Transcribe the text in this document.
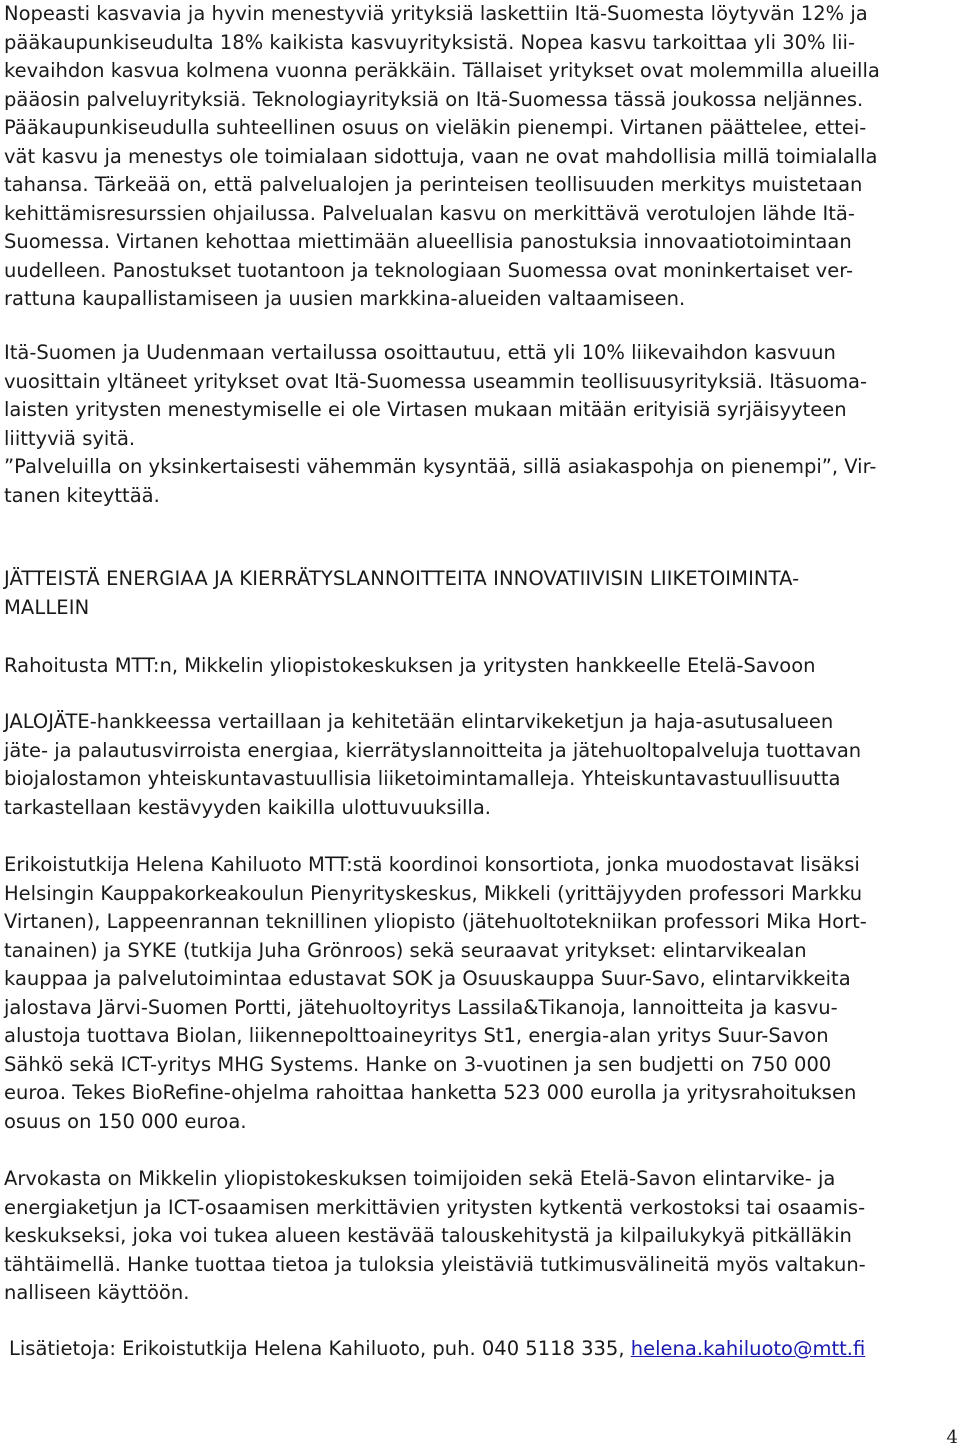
Nopeasti kasvavia ja hyvin menestyviä yrityksiä laskettiin Itä-Suomesta löytyvän 12% ja
pääkaupunkiseudulta 18% kaikista kasvuyrityksistä. Nopea kasvu tarkoittaa yli 30% lii-
kevaihdon kasvua kolmena vuonna peräkkäin. Tällaiset yritykset ovat molemmilla alueilla
pääosin palveluyrityksiä. Teknologiayrityksiä on Itä-Suomessa tässä joukossa neljännes.
Pääkaupunkiseudulla suhteellinen osuus on vieläkin pienempi. Virtanen päättelee, ettei-
vät kasvu ja menestys ole toimialaan sidottuja, vaan ne ovat mahdollisia millä toimialalla
tahansa. Tärkeää on, että palvelualojen ja perinteisen teollisuuden merkitys muistetaan
kehittämisresurssien ohjailussa. Palvelualan kasvu on merkittävä verotulojen lähde Itä-
Suomessa. Virtanen kehottaa miettimään alueellisia panostuksia innovaatiotoimintaan
uudelleen. Panostukset tuotantoon ja teknologiaan Suomessa ovat moninkertaiset ver-
rattuna kaupallistamiseen ja uusien markkina-alueiden valtaamiseen.

Itä-Suomen ja Uudenmaan vertailussa osoittautuu, että yli 10% liikevaihdon kasvuun
vuosittain yltäneet yritykset ovat Itä-Suomessa useammin teollisuusyrityksiä. Itäsuoma-
laisten yritysten menestymiselle ei ole Virtasen mukaan mitään erityisiä syrjäisyyteen
liittyviä syitä.
”Palveluilla on yksinkertaisesti vähemmän kysyntää, sillä asiakaspohja on pienempi”, Vir-
tanen kiteyttää.

JÄTTEISTÄ ENERGIAA JA KIERRÄTYSLANNOITTEITA INNOVATIIVISIN LIIKETOIMINTA-
MALLEIN

Rahoitusta MTT:n, Mikkelin yliopistokeskuksen ja yritysten hankkeelle Etelä-Savoon

JALOJÄTE-hankkeessa vertaillaan ja kehitetään elintarvikeketjun ja haja-asutusalueen
jäte- ja palautusvirroista energiaa, kierrätyslannoitteita ja jätehuoltopalveluja tuottavan
biojalostamon yhteiskuntavastuullisia liiketoimintamalleja. Yhteiskuntavastuullisuutta
tarkastellaan kestävyyden kaikilla ulottuvuuksilla.

Erikoistutkija Helena Kahiluoto MTT:stä koordinoi konsortiota, jonka muodostavat lisäksi
Helsingin Kauppakorkeakoulun Pienyrityskeskus, Mikkeli (yrittäjyyden professori Markku
Virtanen), Lappeenrannan teknillinen yliopisto (jätehuoltotekniikan professori Mika Hort-
tanainen) ja SYKE (tutkija Juha Grönroos) sekä seuraavat yritykset: elintarvikealan
kauppaa ja palvelutoimintaa edustavat SOK ja Osuuskauppa Suur-Savo, elintarvikkeita
jalostava Järvi-Suomen Portti, jätehuoltoyritys Lassila&Tikanoja, lannoitteita ja kasvu-
alustoja tuottava Biolan, liikennepolttoaineyritys St1, energia-alan yritys Suur-Savon
Sähkö sekä ICT-yritys MHG Systems. Hanke on 3-vuotinen ja sen budjetti on 750 000
euroa. Tekes BioRefine-ohjelma rahoittaa hanketta 523 000 eurolla ja yritysrahoituksen
osuus on 150 000 euroa.

Arvokasta on Mikkelin yliopistokeskuksen toimijoiden sekä Etelä-Savon elintarvike- ja
energiaketjun ja ICT-osaamisen merkittävien yritysten kytkentä verkostoksi tai osaamis-
keskukseksi, joka voi tukea alueen kestävää talouskehitystä ja kilpailukykyä pitkälläkin
tähtäimellä. Hanke tuottaa tietoa ja tuloksia yleistäviä tutkimusvälineitä myös valtakun-
nalliseen käyttöön.

Lisätietoja: Erikoistutkija Helena Kahiluoto, puh. 040 5118 335, helena.kahiluoto@mtt.fi
4
